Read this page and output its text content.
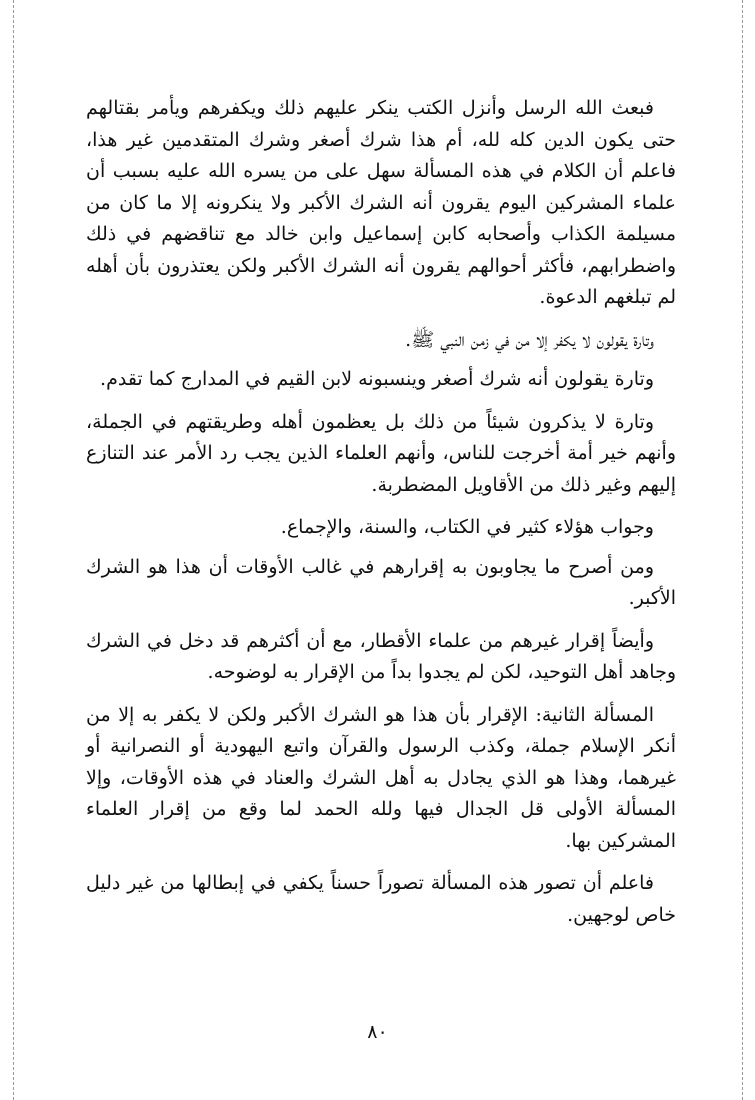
فبعث الله الرسل وأنزل الكتب ينكر عليهم ذلك ويكفرهم ويأمر بقتالهم حتى يكون الدين كله لله، أم هذا شرك أصغر وشرك المتقدمين غير هذا، فاعلم أن الكلام في هذه المسألة سهل على من يسره الله عليه بسبب أن علماء المشركين اليوم يقرون أنه الشرك الأكبر ولا ينكرونه إلا ما كان من مسيلمة الكذاب وأصحابه كابن إسماعيل وابن خالد مع تناقضهم في ذلك واضطرابهم، فأكثر أحوالهم يقرون أنه الشرك الأكبر ولكن يعتذرون بأن أهله لم تبلغهم الدعوة.

وتارة يقولون لا يكفر إلا من في زمن النبي ﷺ.

وتارة يقولون أنه شرك أصغر وينسبونه لابن القيم في المدارج كما تقدم.

وتارة لا يذكرون شيئاً من ذلك بل يعظمون أهله وطريقتهم في الجملة، وأنهم خير أمة أخرجت للناس، وأنهم العلماء الذين يجب رد الأمر عند التنازع إليهم وغير ذلك من الأقاويل المضطربة.

وجواب هؤلاء كثير في الكتاب، والسنة، والإجماع.

ومن أصرح ما يجاوبون به إقرارهم في غالب الأوقات أن هذا هو الشرك الأكبر.

وأيضاً إقرار غيرهم من علماء الأقطار، مع أن أكثرهم قد دخل في الشرك وجاهد أهل التوحيد، لكن لم يجدوا بداً من الإقرار به لوضوحه.

المسألة الثانية: الإقرار بأن هذا هو الشرك الأكبر ولكن لا يكفر به إلا من أنكر الإسلام جملة، وكذب الرسول والقرآن واتبع اليهودية أو النصرانية أو غيرهما، وهذا هو الذي يجادل به أهل الشرك والعناد في هذه الأوقات، وإلا المسألة الأولى قل الجدال فيها ولله الحمد لما وقع من إقرار العلماء المشركين بها.

فاعلم أن تصور هذه المسألة تصوراً حسناً يكفي في إبطالها من غير دليل خاص لوجهين.

٨٠
